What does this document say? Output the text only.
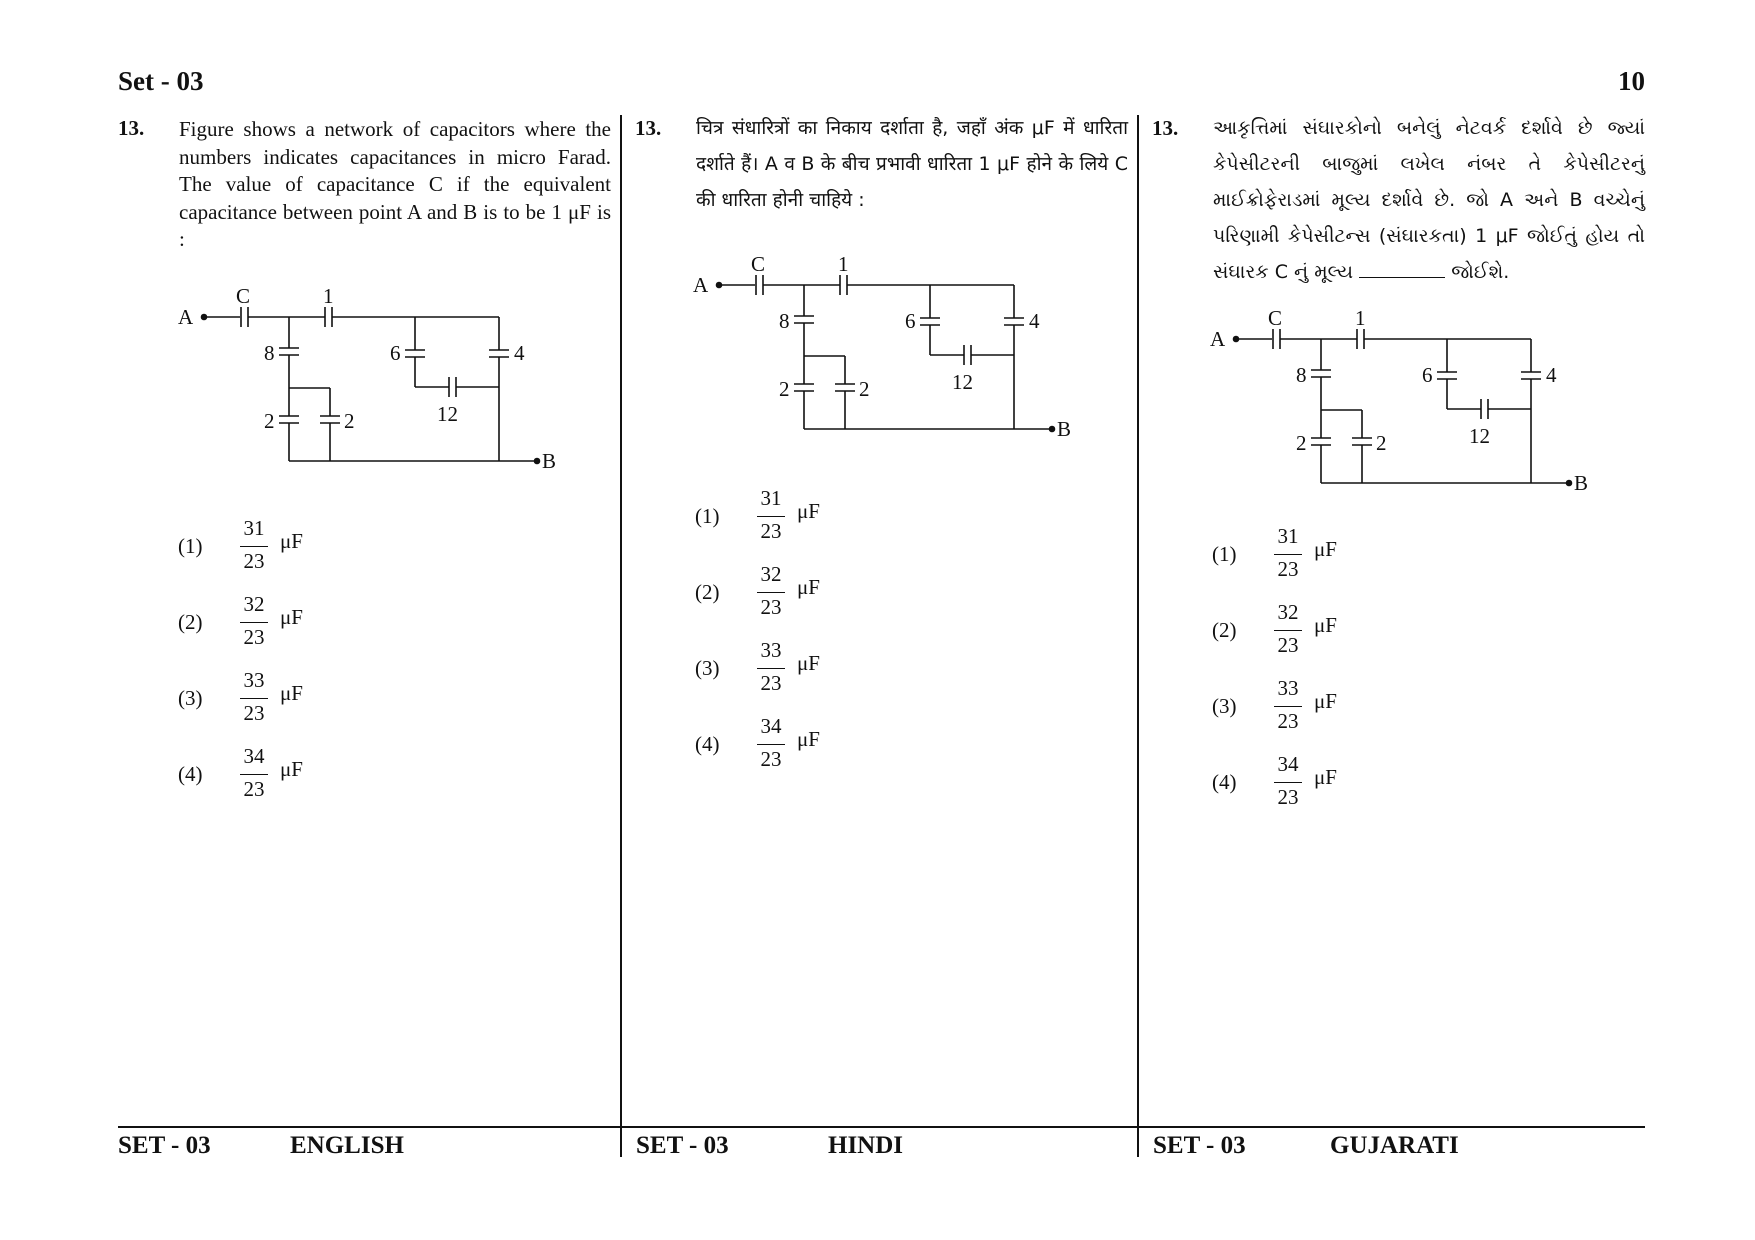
Set - 03	10
13. Figure shows a network of capacitors where the numbers indicates capacitances in micro Farad. The value of capacitance C if the equivalent capacitance between point A and B is to be 1 μF is :
A
B
C	1
8	6	4
2	2	12
(1)
31
23
μF
(2)
32
23
μF
(3)
33
23
μF
(4)
34
23
μF
13. चित्र संधारित्रों का निकाय दर्शाता है, जहाँ अंक μF में धारिता दर्शाते हैं। A व B के बीच प्रभावी धारिता 1 μF होने के लिये C की धारिता होनी चाहिये :
A
B
C	1
8	6	4
2	2	12
(1)
31
23
μF
(2)
32
23
μF
(3)
33
23
μF
(4)
34
23
μF
13. આકૃત્તિમાં સંઘારકોનો બનેલું નેટવર્ક દર્શાવે છે જ્યાં કેપેસીટરની બાજુમાં લખેલ નંબર તે કેપેસીટરનું માઈક્રોફેરાડમાં મૂલ્ય દર્શાવે છે. જો A અને B વચ્ચેનું પરિણામી કેપેસીટન્સ (સંઘારકતા) 1 μF જોઈતું હોય તો સંઘારક C નું મૂલ્ય	જોઈશે.
A
B
C	1
8	6	4
2	2	12
(1)
31
23
μF
(2)
32
23
μF
(3)
33
23
μF
(4)
34
23
μF
SET - 03	ENGLISH	SET - 03	HINDI	SET - 03	GUJARATI
